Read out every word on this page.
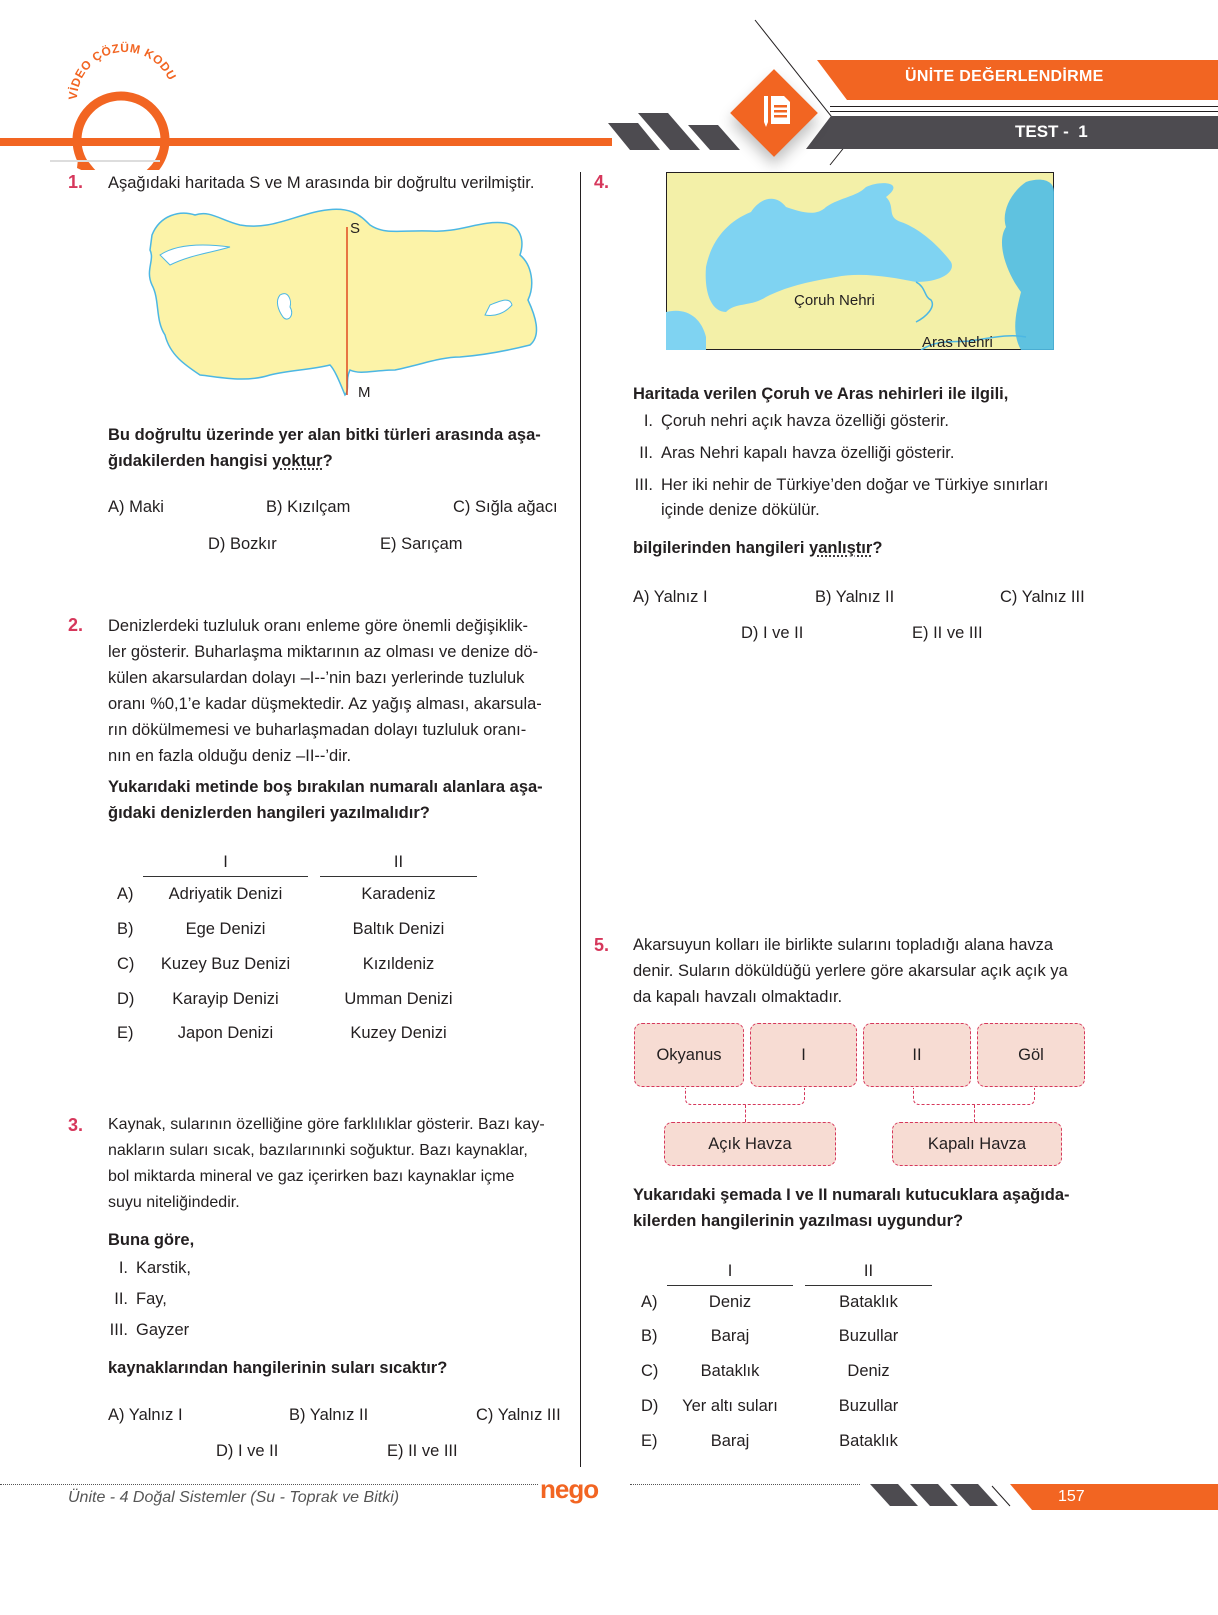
VİDEO ÇÖZÜM KODU	ÜNİTE DEĞERLENDİRME
TEST -  1
1. Aşağıdaki haritada S ve M arasında bir doğrultu verilmiştir.
S
M
Bu doğrultu üzerinde yer alan bitki türleri arasında aşa-
ğıdakilerden hangisi yoktur?
A) Maki	B) Kızılçam	C) Sığla ağacı
D) Bozkır	E) Sarıçam
2. Denizlerdeki tuzluluk oranı enleme göre önemli değişiklik-
ler gösterir. Buharlaşma miktarının az olması ve denize dö-
külen akarsulardan dolayı –I--’nin bazı yerlerinde tuzluluk
oranı %0,1’e kadar düşmektedir. Az yağış alması, akarsula-
rın dökülmemesi ve buharlaşmadan dolayı tuzluluk oranı-
nın en fazla olduğu deniz –II--’dir.
Yukarıdaki metinde boş bırakılan numaralı alanlara aşa-
ğıdaki denizlerden hangileri yazılmalıdır?
I	II
A)	Adriyatik Denizi	Karadeniz
B)	Ege Denizi	Baltık Denizi
C)	Kuzey Buz Denizi	Kızıldeniz
D)	Karayip Denizi	Umman Denizi
E)	Japon Denizi	Kuzey Denizi
3. Kaynak, sularının özelliğine göre farklılıklar gösterir. Bazı kay-
nakların suları sıcak, bazılarınınki soğuktur. Bazı kaynaklar,
bol miktarda mineral ve gaz içerirken bazı kaynaklar içme
suyu niteliğindedir.
Buna göre,
I. Karstik,
II. Fay,
III. Gayzer
kaynaklarından hangilerinin suları sıcaktır?
A) Yalnız I	B) Yalnız II	C) Yalnız III
D) I ve II	E) II ve III
4.
Çoruh Nehri
Aras Nehri
Haritada verilen Çoruh ve Aras nehirleri ile ilgili,
I. Çoruh nehri açık havza özelliği gösterir.
II. Aras Nehri kapalı havza özelliği gösterir.
III. Her iki nehir de Türkiye’den doğar ve Türkiye sınırları
içinde denize dökülür.
bilgilerinden hangileri yanlıştır?
A) Yalnız I	B) Yalnız II	C) Yalnız III
D) I ve II	E) II ve III
5. Akarsuyun kolları ile birlikte sularını topladığı alana havza
denir. Suların döküldüğü yerlere göre akarsular açık açık ya
da kapalı havzalı olmaktadır.
Okyanus	I	II	Göl
Açık Havza	Kapalı Havza
Yukarıdaki şemada I ve II numaralı kutucuklara aşağıda-
kilerden hangilerinin yazılması uygundur?
I	II
A)	Deniz	Bataklık
B)	Baraj	Buzullar
C)	Bataklık	Deniz
D)	Yer altı suları	Buzullar
E)	Baraj	Bataklık
Ünite - 4 Doğal Sistemler (Su - Toprak ve Bitki)	nego	157
